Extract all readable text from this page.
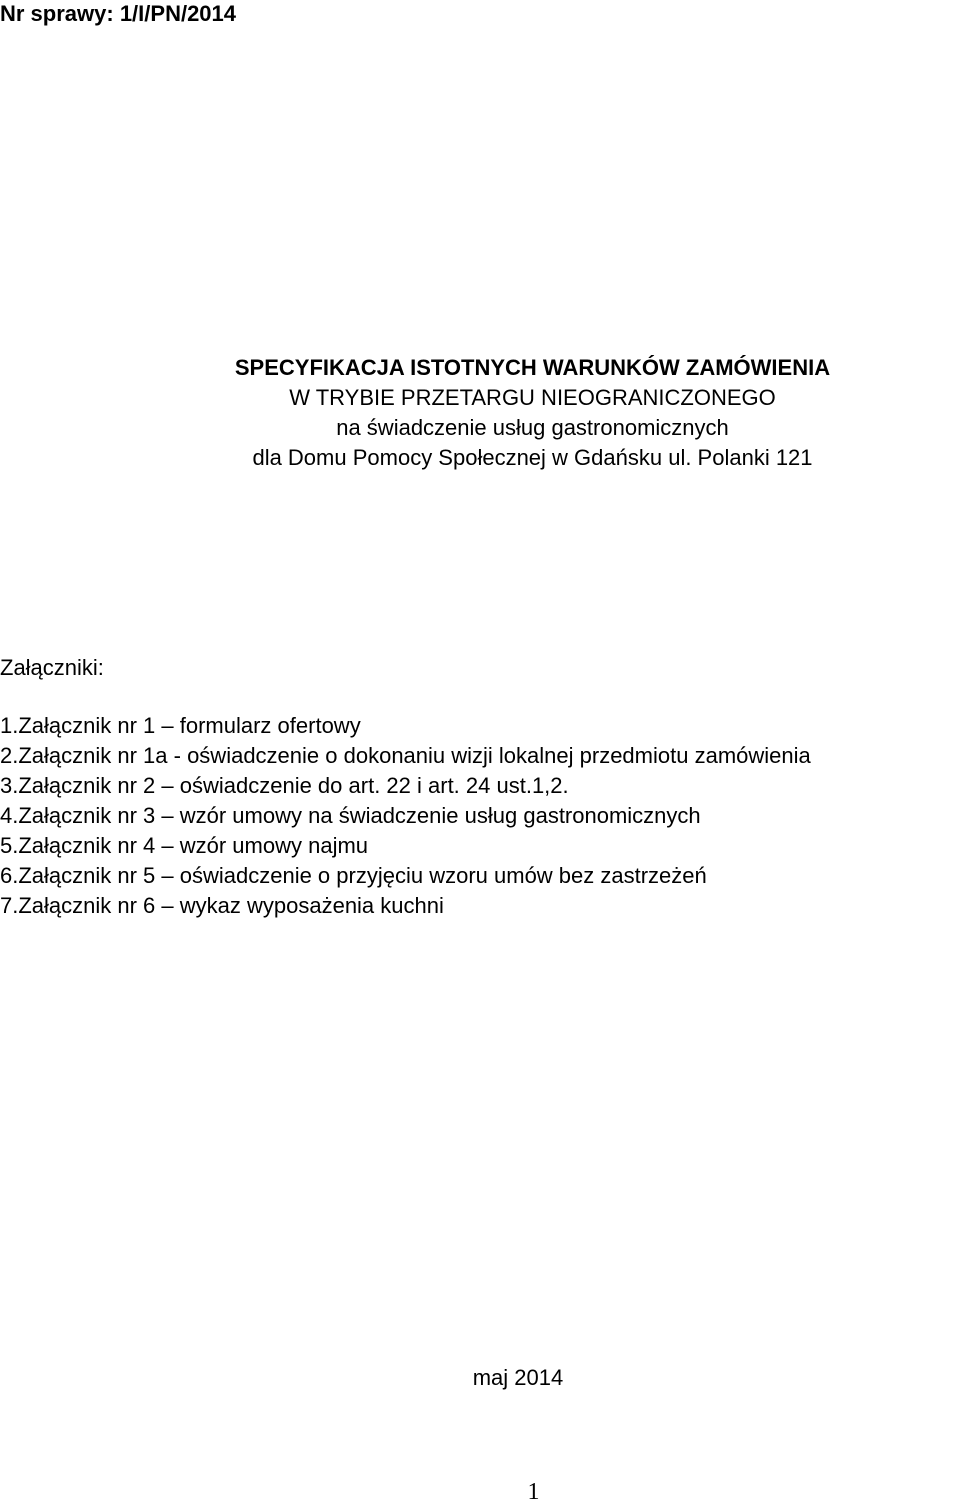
Nr sprawy: 1/I/PN/2014
SPECYFIKACJA ISTOTNYCH WARUNKÓW ZAMÓWIENIA
W TRYBIE PRZETARGU NIEOGRANICZONEGO
na świadczenie usług gastronomicznych
dla Domu Pomocy Społecznej w Gdańsku ul. Polanki 121
Załączniki:
1.Załącznik nr 1 – formularz ofertowy
2.Załącznik nr 1a - oświadczenie o dokonaniu wizji lokalnej przedmiotu zamówienia
3.Załącznik nr 2 – oświadczenie do art. 22 i art. 24 ust.1,2.
4.Załącznik nr 3 – wzór umowy na świadczenie usług gastronomicznych
5.Załącznik nr 4 – wzór umowy najmu
6.Załącznik nr 5 – oświadczenie o przyjęciu wzoru umów bez zastrzeżeń
7.Załącznik nr 6 – wykaz wyposażenia kuchni
maj 2014
1
